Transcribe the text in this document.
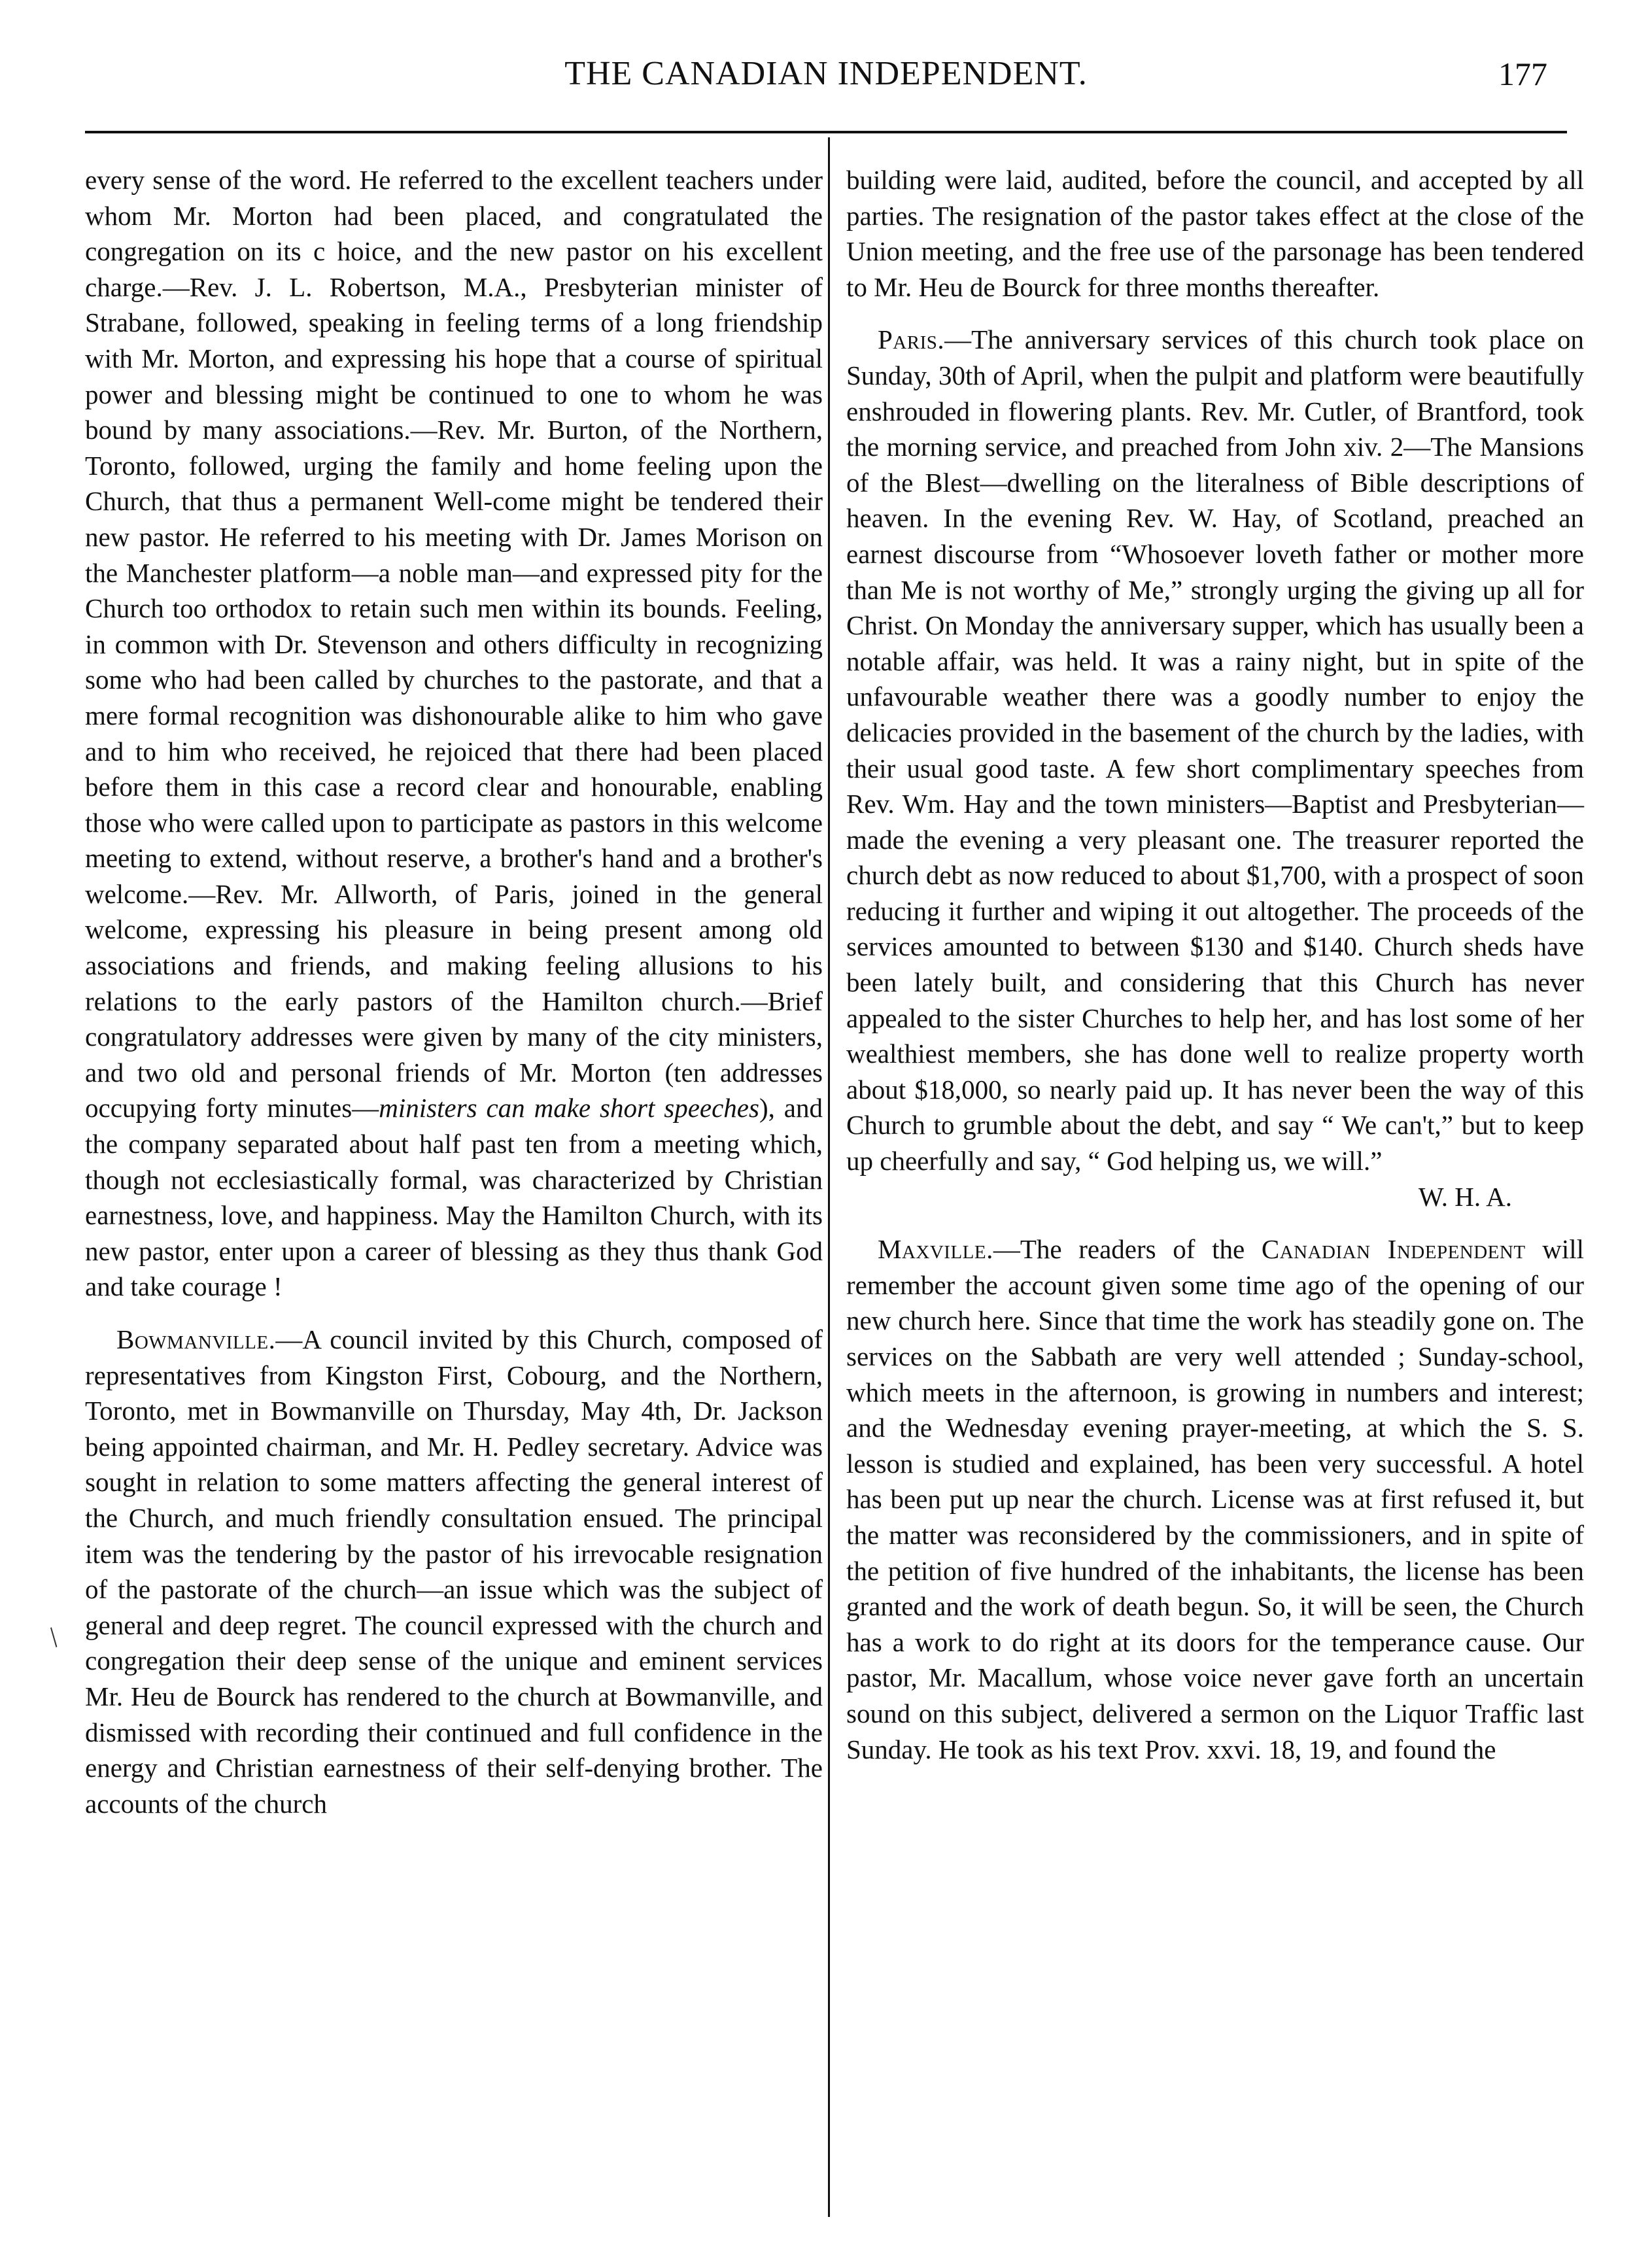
THE CANADIAN INDEPENDENT.	177
/

every sense of the word. He referred to the excellent teachers under whom Mr. Morton had been placed, and congratulated the congregation on its c hoice, and the new pastor on his excellent charge.—Rev. J. L. Robertson, M.A., Presbyterian minister of Strabane, followed, speaking in feeling terms of a long friendship with Mr. Morton, and expressing his hope that a course of spiritual power and blessing might be continued to one to whom he was bound by many associations.—Rev. Mr. Burton, of the Northern, Toronto, followed, urging the family and home feeling upon the Church, that thus a permanent Well-come might be tendered their new pastor. He referred to his meeting with Dr. James Morison on the Manchester platform—a noble man—and expressed pity for the Church too orthodox to retain such men within its bounds. Feeling, in common with Dr. Stevenson and others difficulty in recognizing some who had been called by churches to the pastorate, and that a mere formal recognition was dishonourable alike to him who gave and to him who received, he rejoiced that there had been placed before them in this case a record clear and honourable, enabling those who were called upon to participate as pastors in this welcome meeting to extend, without reserve, a brother's hand and a brother's welcome.—Rev. Mr. Allworth, of Paris, joined in the general welcome, expressing his pleasure in being present among old associations and friends, and making feeling allusions to his relations to the early pastors of the Hamilton church.—Brief congratulatory addresses were given by many of the city ministers, and two old and personal friends of Mr. Morton (ten addresses occupying forty minutes—ministers can make short speeches), and the company separated about half past ten from a meeting which, though not ecclesiastically formal, was characterized by Christian earnestness, love, and happiness. May the Hamilton Church, with its new pastor, enter upon a career of blessing as they thus thank God and take courage !

Bowmanville.—A council invited by this Church, composed of representatives from Kingston First, Cobourg, and the Northern, Toronto, met in Bowmanville on Thursday, May 4th, Dr. Jackson being appointed chairman, and Mr. H. Pedley secretary. Advice was sought in relation to some matters affecting the general interest of the Church, and much friendly consultation ensued. The principal item was the tendering by the pastor of his irrevocable resignation of the pastorate of the church—an issue which was the subject of general and deep regret. The council expressed with the church and congregation their deep sense of the unique and eminent services Mr. Heu de Bourck has rendered to the church at Bowmanville, and dismissed with recording their continued and full confidence in the energy and Christian earnestness of their self-denying brother. The accounts of the church

building were laid, audited, before the council, and accepted by all parties. The resignation of the pastor takes effect at the close of the Union meeting, and the free use of the parsonage has been tendered to Mr. Heu de Bourck for three months thereafter.

Paris.—The anniversary services of this church took place on Sunday, 30th of April, when the pulpit and platform were beautifully enshrouded in flowering plants. Rev. Mr. Cutler, of Brantford, took the morning service, and preached from John xiv. 2—The Mansions of the Blest—dwelling on the literalness of Bible descriptions of heaven. In the evening Rev. W. Hay, of Scotland, preached an earnest discourse from “Whosoever loveth father or mother more than Me is not worthy of Me,” strongly urging the giving up all for Christ. On Monday the anniversary supper, which has usually been a notable affair, was held. It was a rainy night, but in spite of the unfavourable weather there was a goodly number to enjoy the delicacies provided in the basement of the church by the ladies, with their usual good taste. A few short complimentary speeches from Rev. Wm. Hay and the town ministers—Baptist and Presbyterian—made the evening a very pleasant one. The treasurer reported the church debt as now reduced to about $1,700, with a prospect of soon reducing it further and wiping it out altogether. The proceeds of the services amounted to between $130 and $140. Church sheds have been lately built, and considering that this Church has never appealed to the sister Churches to help her, and has lost some of her wealthiest members, she has done well to realize property worth about $18,000, so nearly paid up. It has never been the way of this Church to grumble about the debt, and say “ We can't,” but to keep up cheerfully and say, “ God helping us, we will.”

W. H. A.

Maxville.—The readers of the Canadian Independent will remember the account given some time ago of the opening of our new church here. Since that time the work has steadily gone on. The services on the Sabbath are very well attended ; Sunday-school, which meets in the afternoon, is growing in numbers and interest; and the Wednesday evening prayer-meeting, at which the S. S. lesson is studied and explained, has been very successful. A hotel has been put up near the church. License was at first refused it, but the matter was reconsidered by the commissioners, and in spite of the petition of five hundred of the inhabitants, the license has been granted and the work of death begun. So, it will be seen, the Church has a work to do right at its doors for the temperance cause. Our pastor, Mr. Macallum, whose voice never gave forth an uncertain sound on this subject, delivered a sermon on the Liquor Traffic last Sunday. He took as his text Prov. xxvi. 18, 19, and found the
